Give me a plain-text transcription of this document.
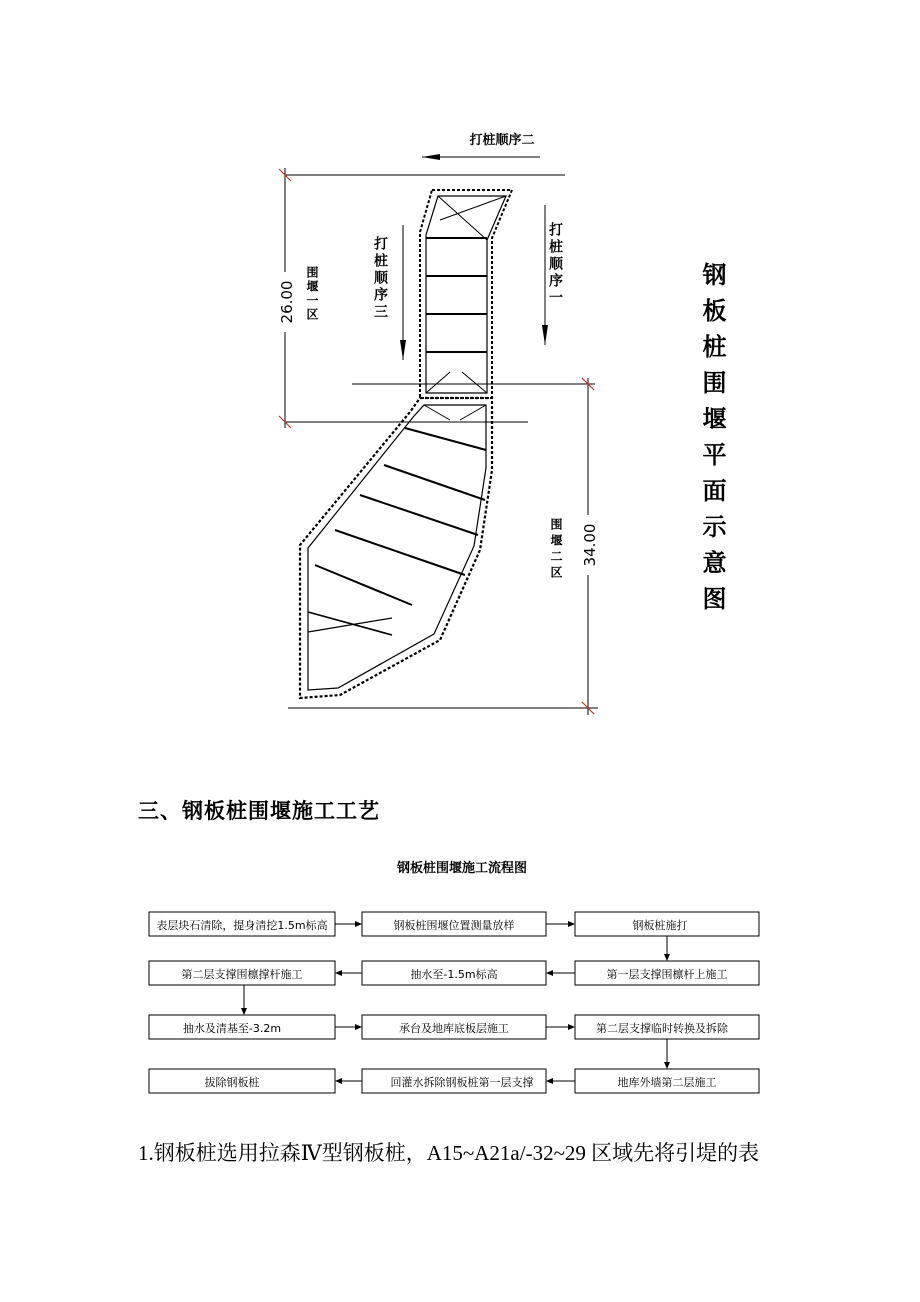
26.00
34.00
打桩顺序二
打桩顺序三	打桩顺序一
围堰一区
围堰二区	钢板桩围堰平面示意图
三、钢板桩围堰施工工艺
钢板桩围堰施工流程图
表层块石清除，提身清挖1.5m标高	钢板桩围堰位置测量放样	钢板桩施打
第二层支撑围檩撑杆施工	抽水至-1.5m标高	第一层支撑围檩杆上施工
抽水及清基至-3.2m	承台及地库底板层施工	第二层支撑临时转换及拆除
拔除钢板桩	回灌水拆除钢板桩第一层支撑	地库外墙第二层施工

1.钢板桩选用拉森Ⅳ型钢板桩，A15~A21a/-32~29 区域先将引堤的表
